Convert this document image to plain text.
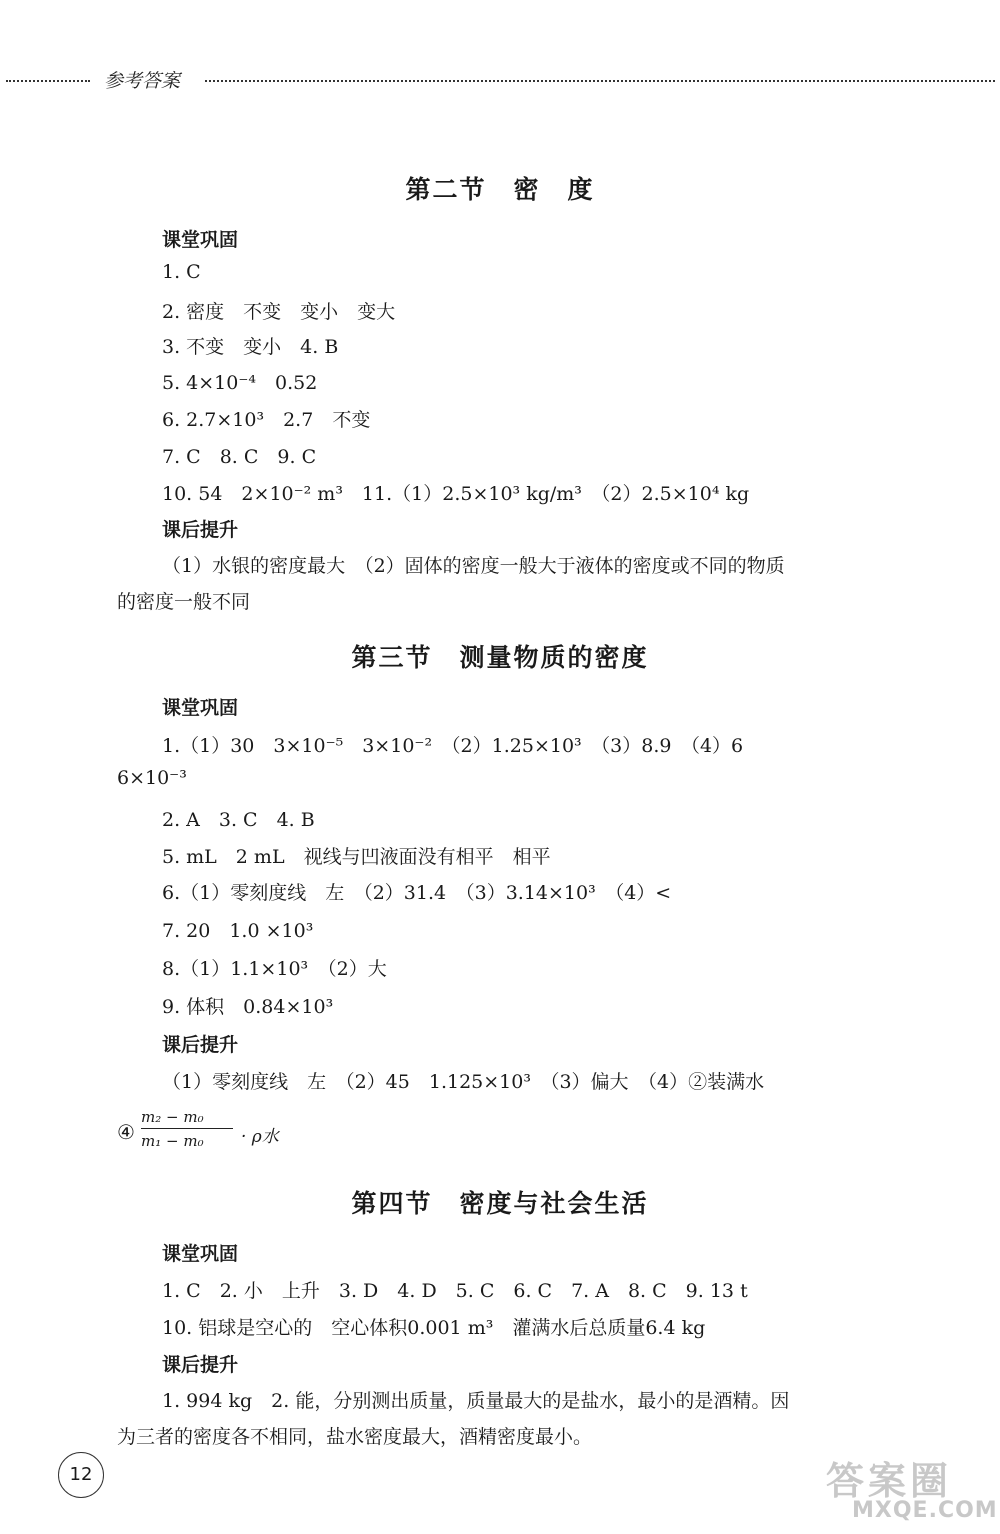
参考答案
第二节　密　度
课堂巩固
1. C
2. 密度　不变　变小　变大
3. 不变　变小　4. B
5. 4×10⁻⁴　0.52
6. 2.7×10³　2.7　不变
7. C　8. C　9. C
10. 54　2×10⁻² m³　11.（1）2.5×10³ kg/m³　（2）2.5×10⁴ kg
课后提升
（1）水银的密度最大　（2）固体的密度一般大于液体的密度或不同的物质
的密度一般不同
第三节　测量物质的密度
课堂巩固
1.（1）30　3×10⁻⁵　3×10⁻²　（2）1.25×10³　（3）8.9　（4）6
6×10⁻³
2. A　3. C　4. B
5. mL　2 mL　视线与凹液面没有相平　相平
6.（1）零刻度线　左　（2）31.4　（3）3.14×10³　（4）<
7. 20　1.0 ×10³
8.（1）1.1×10³　（2）大
9. 体积　0.84×10³
课后提升
（1）零刻度线　左　（2）45　1.125×10³　（3）偏大　（4）②装满水
④
m₂ − m₀
m₁ − m₀ · ρ水
第四节　密度与社会生活
课堂巩固
1. C　2. 小　上升　3. D　4. D　5. C　6. C　7. A　8. C　9. 13 t
10. 铝球是空心的　空心体积0.001 m³　灌满水后总质量6.4 kg
课后提升
1. 994 kg　2. 能，分别测出质量，质量最大的是盐水，最小的是酒精。因
为三者的密度各不相同，盐水密度最大，酒精密度最小。
12	答案圈
MXQE.COM
